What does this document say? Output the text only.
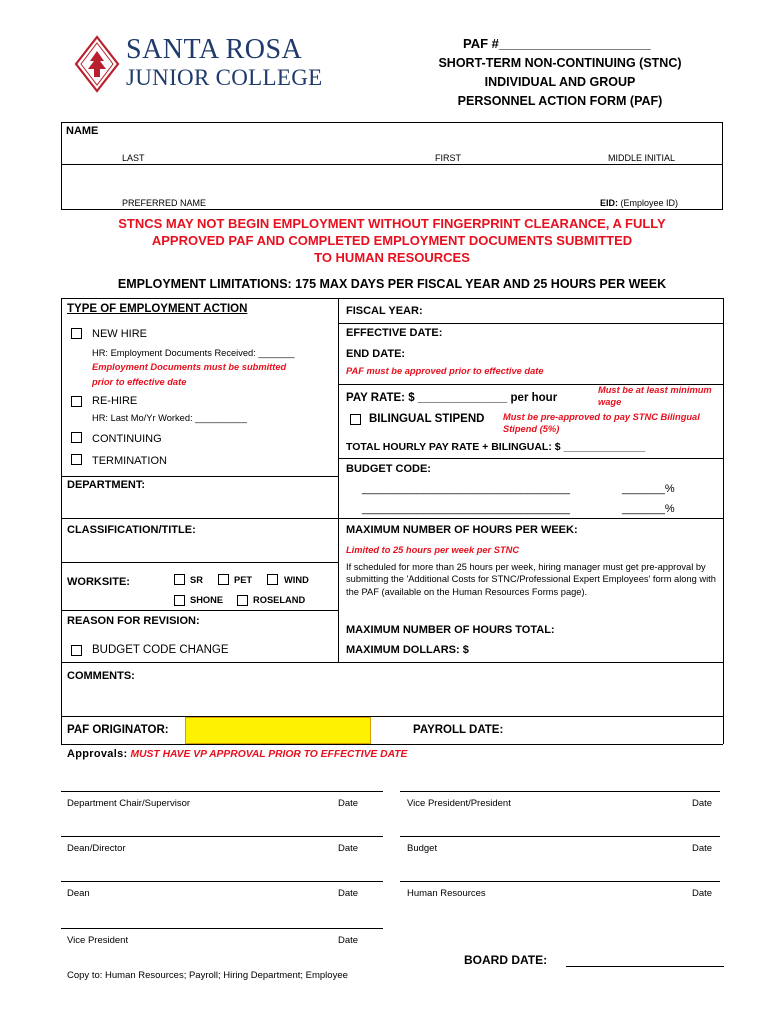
SANTA ROSA
JUNIOR COLLEGE
PAF #_____________________
SHORT-TERM NON-CONTINUING (STNC)
INDIVIDUAL AND GROUP
PERSONNEL ACTION FORM (PAF)
NAME
LAST	FIRST	MIDDLE INITIAL
PREFERRED NAME	EID: (Employee ID)
STNCS MAY NOT BEGIN EMPLOYMENT WITHOUT FINGERPRINT CLEARANCE, A FULLY
APPROVED PAF AND COMPLETED EMPLOYMENT DOCUMENTS SUBMITTED
TO HUMAN RESOURCES
EMPLOYMENT LIMITATIONS: 175 MAX DAYS PER FISCAL YEAR AND 25 HOURS PER WEEK
TYPE OF EMPLOYMENT ACTION
NEW HIRE
HR: Employment Documents Received: _______
Employment Documents must be submitted
prior to effective date
RE-HIRE
HR: Last Mo/Yr Worked: __________
CONTINUING
TERMINATION
DEPARTMENT:
CLASSIFICATION/TITLE:
WORKSITE:	SR	PET	WIND
SHONE	ROSELAND
REASON FOR REVISION:
BUDGET CODE CHANGE
FISCAL YEAR:
EFFECTIVE DATE:
END DATE:
PAF must be approved prior to effective date
PAY RATE: $ ______________ per hour
Must be at least minimum
wage
BILINGUAL STIPEND Must be pre-approved to pay STNC Bilingual
Stipend (5%)
TOTAL HOURLY PAY RATE + BILINGUAL: $ ______________
BUDGET CODE:
__________________________________	_______%
__________________________________	_______%
MAXIMUM NUMBER OF HOURS PER WEEK:
Limited to 25 hours per week per STNC
If scheduled for more than 25 hours per week, hiring manager must get pre-approval by submitting the 'Additional Costs for STNC/Professional Expert Employees' form along with the PAF (available on the Human Resources Forms page).
MAXIMUM NUMBER OF HOURS TOTAL:
MAXIMUM DOLLARS: $
COMMENTS:
PAF ORIGINATOR:	PAYROLL DATE:
Approvals: MUST HAVE VP APPROVAL PRIOR TO EFFECTIVE DATE
Department Chair/Supervisor	Date	Vice President/President	Date
Dean/Director	Date	Budget	Date
Dean	Date	Human Resources	Date
Vice President	Date
BOARD DATE:
Copy to: Human Resources; Payroll; Hiring Department; Employee
